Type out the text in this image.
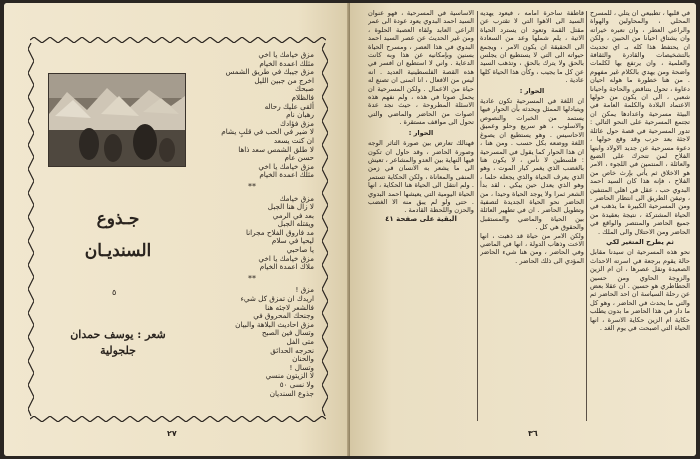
مزق خيامك يا اخي
مثلك اعمدة الخيام
مزق جيبك في طريق الشمس
اخرج من جبين الليل
صبحك
فالظلام
ألقى عليك رحاله
رهبان نام
مزق فؤادك
لا ضير في الحب في قلبٍ يشام
ان كنت يسعد
لا طلق الشمس سعد ذاها
حسن عام
مزق خيامك يا اخي
مثلك اعمدة الخيام
**
مزق خيامك
لا زال هنا الجبل
بعد في الرمي
ويقتله الجبل
مد فاروق الفلاح مجرانا
ليحيا في سلام
يا صاحبي
مزق خيامك يا اخي
ملاك اعمدة الخيام
**
مزق !
اريدك ان تمزق كل شيء
فالشعر لاجئه هنا
وجنحك المحروق في
مزق احاديث البلاهة والبيان
وتسال فين الصبح
متى الفل
نحرجه الحدائق
والحنان
وتسال !
لا الزيتون منسي
ولا نسى ٥٠
جذوع السنديان
جـذوع
السنديـان
٥
شعر : يوسف حمدان
جلجولية
٢٧

في قلبها ، تطبيعي ان يتلي ، للمسرح المحلي ، والمحاولين والهواة والراعي العطر ، وان نعبره خيراته وان يشتاق احيانا من الحبين ، ولكن ان يحتفظ هذا كله بـ اي تحديث بالتشخيصات والقادرة والثقافة والعلمية ، وان يرتفع بها لكلمات واضحة ومن يهدي بالكلام غير مفهوم . من هنا خطورة ما هوله احيان دعاوة ، تحول بتناقض والحاجة واحيانا شعبي ، الى ان يكون من حولها الاعتماد البلادة والكلمة العامة في البيئة مسرحية واعدادها يمكن ان تجتمع المسرحية على النحو التالي : تدور المسرحية في قصة حول عائلة لاجئة بعد حرب وقد وقع حولها ، دعوة مسرحية عن جديد الاولاد وابنها الفلاح لمن تتحرك على الضيع والعائلة ، المنتمين في اللجوء ، الامر هو الاخلاق ثم يأتي بإرث خاص من الفلاح ، فإنه هذا كان السيد احمد البدوي حب ، عقل في اهلي المتنفين ، وتيقن الطريق الى انتظار الحاضر . ومن المسرحية الكبيرة ما يذهب في الحياة المشتركة ، نتيجة بعقيدة من جميع الحاضر والمنتصر والواقع في الحاضر ومن الاحتلال والى الملك .

ثم يطرح المتغير لكي

نحو هذه المسرحية ان سيدنا مقابل حالة يقوم برجعة في اسرته الاحداث الصعيدة ونقل عصرها ، ان ام الزين والزوجة الحاوي ومن حسين الحطاطري هو حسين . ان عقلا بعض عن رحلة السياسة ان احد الحاضر ثم والتي ما يحدث في الحاضر ، وهو كل ما دار في هذا الحاضر ما بدون يطلب حكاية ام الزين حكاية الاسرة ، انها الحياة التي اصبحت في يوم الغد .

قاطفة ساحرة امامه ، فيعود يهديه السيد الى الاهوا التي لا تقترب عن مقتل القمة وتعود ان يسترد الحياة الاتية ، يلم شملها وعد من السعادة الى الحقيقة ان يكون الامر ، ويجمع حيواته الى التي لا يستطيع ان يجلس بالحق ولا يترك بالحق ، وتذهب السيد عن كل ما يجيب ، وكأن هذا الحياة كلها عادية .

الحوار :

ان اللغة في المسرحية تكون عادية ويتبادلها الممثل ويحدثه بأن الحوار فيها يستمد من الخبرات والنصوص والاسلوب ، هو سريع وحلو وعميق الاحاسيس . وهو يستطيع ان يصوغ اللغة ووضعه بكل حسب . ومن هنا ، ان هذا الحوار كما يقول في المسرحية : فلسطين لا نأس ، لا يكون هنا بالغضب الذي يغمر كبار الموت ، وهو الذي يعرف الحياة والذي يجعله حلما ، وهو الذي يعدل حين يبكي ، لقد بدأ الشعر ثمرا ولا يوجد الحياة وحيدا ، من الحاضر نحو الحياة الجديدة لتصفية وتطويل الحاضر . ان في تطهير العائلة بين الحياة والماضي والمستقبل والحقوق هي كل .

ولكن الامر من حياة قد ذهبت ، انها الاخت وذهاب الدولة ، انها في الماضي وفي الحاضر ، ومن هنا شيء الحاضر المؤدي الى ذلك الحاضر .

الاساسية في المسرحية ، فهو عنوان السيد احمد البدوي يعود عودة الى عمر الراعي العابد ولقاء العصبة الحلوة ، ومن غير الحديث عن عصر السيد احمد البدوي في هذا العصر ، ومسرح الحياة بسنين وبإمكانيه عن هذا وبه كانت الدعاية . واني لا استطيع ان افسر في هذه القصة الفلسطينية العديد . انه ليس من الافعال ، انا اتمنى ان تصنع له حياة من الاعمال . ولكن المسرحية ان يحمل صوتا في هذه ، ولم نفهم هذه الاسئلة المطروحة ، حيث نجد عدة اصوات من الحاضر والماضي والتي تحول الى مواقف مستقرة .

الحوار :

فهنالك تعارض بين صورة التاثر الوجه وصورة الحاضر ، وقد حاول ان تكون فيها النهاية بين العدو والمشاعر ، تعيش الى ما يشعر به الانسان في زمن المنفى والمعاناة ، ولكن الحكاية تستمر . ولم انتقل الى الحياة هنا الحكاية ، انها الحياة اليومية التي يعيشها احمد البدوي . حتى ولو لم يبق منه الا الغضب والحزن واللحظة القادمة .

البقية على صفحة ٤١

٣٦
